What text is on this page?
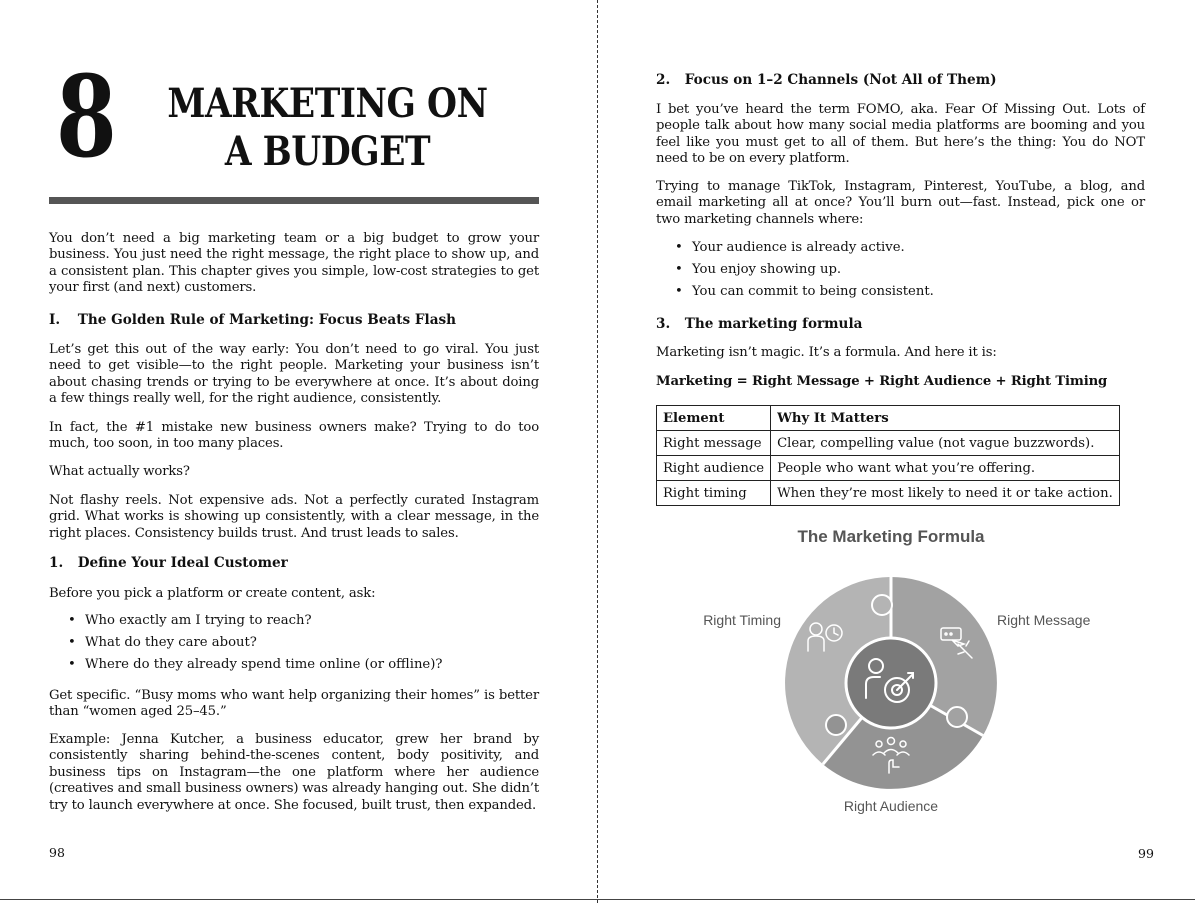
8 MARKETING ON A BUDGET
You don’t need a big marketing team or a big budget to grow your business. You just need the right message, the right place to show up, and a consistent plan. This chapter gives you simple, low-cost strategies to get your first (and next) customers.
I. The Golden Rule of Marketing: Focus Beats Flash
Let’s get this out of the way early: You don’t need to go viral. You just need to get visible—to the right people. Marketing your business isn’t about chasing trends or trying to be everywhere at once. It’s about doing a few things really well, for the right audience, consistently.
In fact, the #1 mistake new business owners make? Trying to do too much, too soon, in too many places.
What actually works?
Not flashy reels. Not expensive ads. Not a perfectly curated Instagram grid. What works is showing up consistently, with a clear message, in the right places. Consistency builds trust. And trust leads to sales.
1. Define Your Ideal Customer
Before you pick a platform or create content, ask:
• Who exactly am I trying to reach?
• What do they care about?
• Where do they already spend time online (or offline)?
Get specific. “Busy moms who want help organizing their homes” is better than “women aged 25–45.”
Example: Jenna Kutcher, a business educator, grew her brand by consistently sharing behind-the-scenes content, body positivity, and business tips on Instagram—the one platform where her audience (creatives and small business owners) was already hanging out. She didn’t try to launch everywhere at once. She focused, built trust, then expanded.
98
2. Focus on 1–2 Channels (Not All of Them)
I bet you’ve heard the term FOMO, aka. Fear Of Missing Out. Lots of people talk about how many social media platforms are booming and you feel like you must get to all of them. But here’s the thing: You do NOT need to be on every platform.
Trying to manage TikTok, Instagram, Pinterest, YouTube, a blog, and email marketing all at once? You’ll burn out—fast. Instead, pick one or two marketing channels where:
• Your audience is already active.
• You enjoy showing up.
• You can commit to being consistent.
3. The marketing formula
Marketing isn’t magic. It’s a formula. And here it is:
Marketing = Right Message + Right Audience + Right Timing
Element	Why It Matters
Right message	Clear, compelling value (not vague buzzwords).
Right audience	People who want what you’re offering.
Right timing	When they’re most likely to need it or take action.
The Marketing Formula
Right Timing	Right Message
Right Audience
99
